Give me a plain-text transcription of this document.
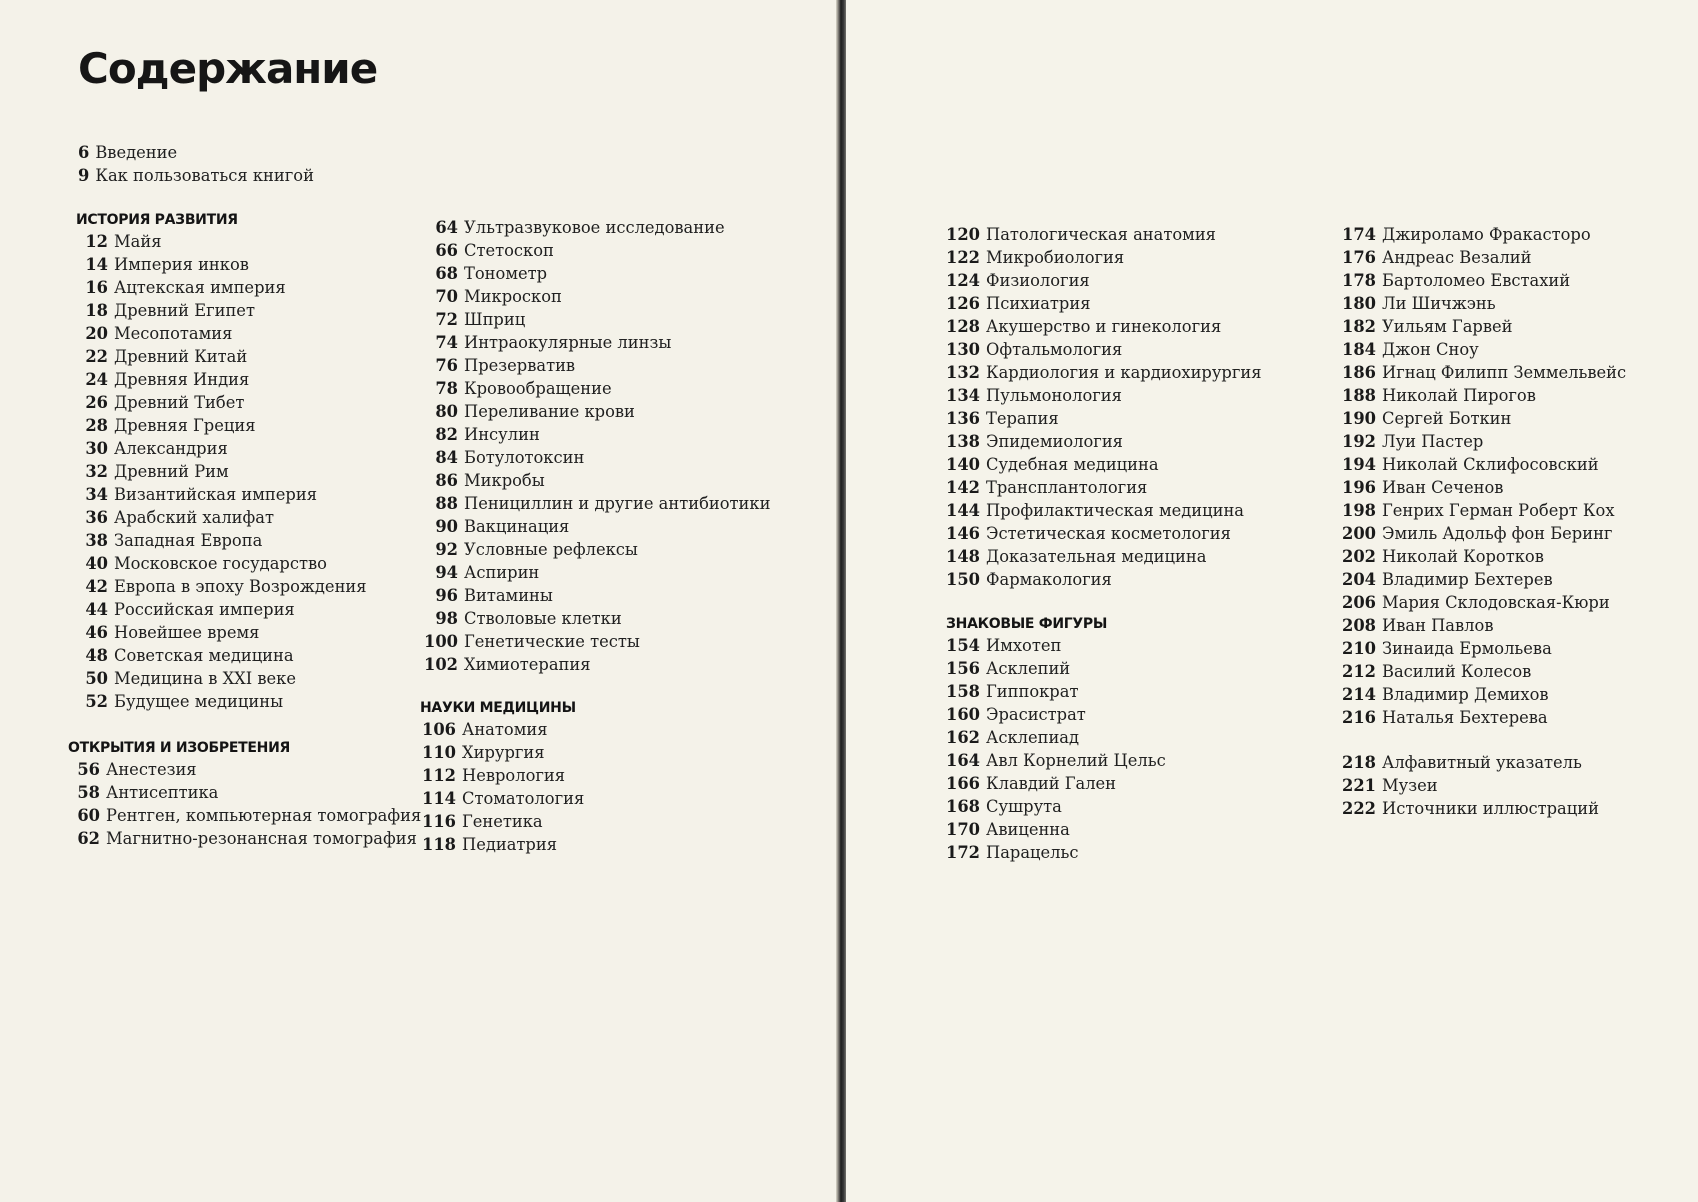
Содержание
6 Введение
9 Как пользоваться книгой
ИСТОРИЯ РАЗВИТИЯ
12 Майя
14 Империя инков
16 Ацтекская империя
18 Древний Египет
20 Месопотамия
22 Древний Китай
24 Древняя Индия
26 Древний Тибет
28 Древняя Греция
30 Александрия
32 Древний Рим
34 Византийская империя
36 Арабский халифат
38 Западная Европа
40 Московское государство
42 Европа в эпоху Возрождения
44 Российская империя
46 Новейшее время
48 Советская медицина
50 Медицина в XXI веке
52 Будущее медицины
ОТКРЫТИЯ И ИЗОБРЕТЕНИЯ
56 Анестезия
58 Антисептика
60 Рентген, компьютерная томография
62 Магнитно-резонансная томография
64 Ультразвуковое исследование
66 Стетоскоп
68 Тонометр
70 Микроскоп
72 Шприц
74 Интраокулярные линзы
76 Презерватив
78 Кровообращение
80 Переливание крови
82 Инсулин
84 Ботулотоксин
86 Микробы
88 Пенициллин и другие антибиотики
90 Вакцинация
92 Условные рефлексы
94 Аспирин
96 Витамины
98 Стволовые клетки
100 Генетические тесты
102 Химиотерапия
НАУКИ МЕДИЦИНЫ
106 Анатомия
110 Хирургия
112 Неврология
114 Стоматология
116 Генетика
118 Педиатрия
120 Патологическая анатомия
122 Микробиология
124 Физиология
126 Психиатрия
128 Акушерство и гинекология
130 Офтальмология
132 Кардиология и кардиохирургия
134 Пульмонология
136 Терапия
138 Эпидемиология
140 Судебная медицина
142 Трансплантология
144 Профилактическая медицина
146 Эстетическая косметология
148 Доказательная медицина
150 Фармакология
ЗНАКОВЫЕ ФИГУРЫ
154 Имхотеп
156 Асклепий
158 Гиппократ
160 Эрасистрат
162 Асклепиад
164 Авл Корнелий Цельс
166 Клавдий Гален
168 Сушрута
170 Авиценна
172 Парацельс
174 Джироламо Фракасторо
176 Андреас Везалий
178 Бартоломео Евстахий
180 Ли Шичжэнь
182 Уильям Гарвей
184 Джон Сноу
186 Игнац Филипп Земмельвейс
188 Николай Пирогов
190 Сергей Боткин
192 Луи Пастер
194 Николай Склифосовский
196 Иван Сеченов
198 Генрих Герман Роберт Кох
200 Эмиль Адольф фон Беринг
202 Николай Коротков
204 Владимир Бехтерев
206 Мария Склодовская-Кюри
208 Иван Павлов
210 Зинаида Ермольева
212 Василий Колесов
214 Владимир Демихов
216 Наталья Бехтерева
218 Алфавитный указатель
221 Музеи
222 Источники иллюстраций
